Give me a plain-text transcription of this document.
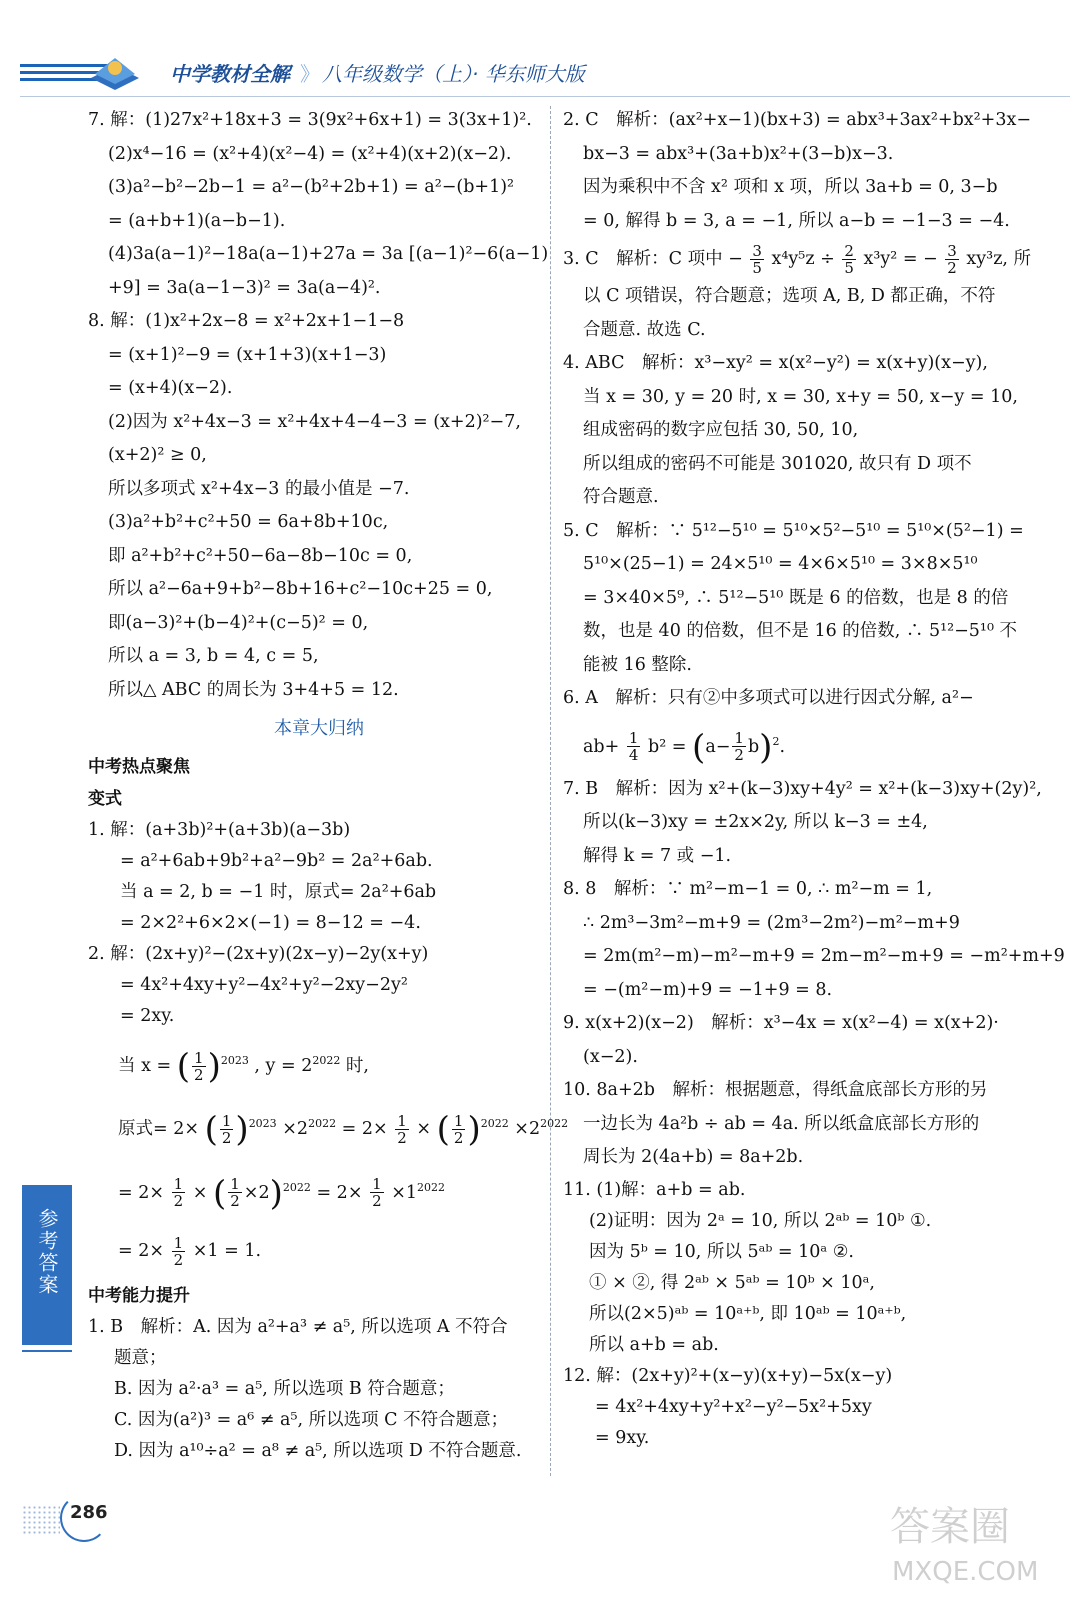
中学教材全解 》 八年级数学（上）· 华东师大版
7. 解：(1)27x²+18x+3 = 3(9x²+6x+1) = 3(3x+1)².
(2)x⁴−16 = (x²+4)(x²−4) = (x²+4)(x+2)(x−2).
(3)a²−b²−2b−1 = a²−(b²+2b+1) = a²−(b+1)²
= (a+b+1)(a−b−1).
(4)3a(a−1)²−18a(a−1)+27a = 3a [(a−1)²−6(a−1)
+9] = 3a(a−1−3)² = 3a(a−4)².
8. 解：(1)x²+2x−8 = x²+2x+1−1−8
= (x+1)²−9 = (x+1+3)(x+1−3)
= (x+4)(x−2).
(2)因为 x²+4x−3 = x²+4x+4−4−3 = (x+2)²−7,
(x+2)² ≥ 0,
所以多项式 x²+4x−3 的最小值是 −7.
(3)a²+b²+c²+50 = 6a+8b+10c,
即 a²+b²+c²+50−6a−8b−10c = 0,
所以 a²−6a+9+b²−8b+16+c²−10c+25 = 0,
即(a−3)²+(b−4)²+(c−5)² = 0,
所以 a = 3, b = 4, c = 5,
所以△ ABC 的周长为 3+4+5 = 12.
本章大归纳
中考热点聚焦
变式
1. 解：(a+3b)²+(a+3b)(a−3b)
= a²+6ab+9b²+a²−9b² = 2a²+6ab.
当 a = 2, b = −1 时，原式= 2a²+6ab
= 2×2²+6×2×(−1) = 8−12 = −4.
2. 解：(2x+y)²−(2x+y)(2x−y)−2y(x+y)
= 4x²+4xy+y²−4x²+y²−2xy−2y²
= 2xy.
当 x = ( $\frac{1}{2} )^{2023}$ , $y = 2^{2022}$ 时,
原式= 2× ( $\frac{1}{2} )^{2023} \times 2^{2022} = 2\times \frac{1}{2}$ × ( $\frac{1}{2} )^{2022} \times 2^{2022}$
= $2\times \frac{1}{2}$ × ( $\frac{1}{2} \times 2)^{2022} = 2\times \frac{1}{2} \times 1^{2022}$
= $2\times \frac{1}{2} \times 1 = 1$.
中考能力提升
1. B　解析：A. 因为 a²+a³ ≠ a⁵, 所以选项 A 不符合
题意；
B. 因为 a²·a³ = a⁵, 所以选项 B 符合题意；
C. 因为(a²)³ = a⁶ ≠ a⁵, 所以选项 C 不符合题意；
D. 因为 a¹⁰÷a² = a⁸ ≠ a⁵, 所以选项 D 不符合题意.
2. C　解析：(ax²+x−1)(bx+3) = abx³+3ax²+bx²+3x−
bx−3 = abx³+(3a+b)x²+(3−b)x−3.
因为乘积中不含 x² 项和 x 项，所以 3a+b = 0, 3−b
= 0, 解得 b = 3, a = −1, 所以 a−b = −1−3 = −4.
3. C　解析：C 项中 − $\frac{3}{5} x^4y^5z \div \frac{2}{5} x^3y^2$ = − $\frac{3}{2} xy^3z$, 所
以 C 项错误，符合题意；选项 A, B, D 都正确，不符
合题意. 故选 C.
4. ABC　解析：x³−xy² = x(x²−y²) = x(x+y)(x−y),
当 x = 30, y = 20 时, x = 30, x+y = 50, x−y = 10,
组成密码的数字应包括 30, 50, 10,
所以组成的密码不可能是 301020, 故只有 D 项不
符合题意.
5. C　解析：∵ 5¹²−5¹⁰ = 5¹⁰×5²−5¹⁰ = 5¹⁰×(5²−1) =
5¹⁰×(25−1) = 24×5¹⁰ = 4×6×5¹⁰ = 3×8×5¹⁰
= 3×40×5⁹, ∴ 5¹²−5¹⁰ 既是 6 的倍数，也是 8 的倍
数，也是 40 的倍数，但不是 16 的倍数, ∴ 5¹²−5¹⁰ 不
能被 16 整除.
6. A　解析：只有②中多项式可以进行因式分解, a²−
$ab+ \frac{1}{4} b^2 = (a- \frac{1}{2} b)^2$.
7. B　解析：因为 x²+(k−3)xy+4y² = x²+(k−3)xy+(2y)²,
所以(k−3)xy = ±2x×2y, 所以 k−3 = ±4,
解得 k = 7 或 −1.
8. 8　解析：∵ m²−m−1 = 0, ∴ m²−m = 1,
∴ 2m³−3m²−m+9 = (2m³−2m²)−m²−m+9
= 2m(m²−m)−m²−m+9 = 2m−m²−m+9 = −m²+m+9
= −(m²−m)+9 = −1+9 = 8.
9. x(x+2)(x−2)　解析：x³−4x = x(x²−4) = x(x+2)·
(x−2).
10. 8a+2b　解析：根据题意，得纸盒底部长方形的另
一边长为 4a²b ÷ ab = 4a. 所以纸盒底部长方形的
周长为 2(4a+b) = 8a+2b.
11. (1)解：a+b = ab.
(2)证明：因为 2ᵃ = 10, 所以 2ᵃᵇ = 10ᵇ ①.
因为 5ᵇ = 10, 所以 5ᵃᵇ = 10ᵃ ②.
① × ②, 得 2ᵃᵇ × 5ᵃᵇ = 10ᵇ × 10ᵃ,
所以(2×5)ᵃᵇ = 10ᵃ⁺ᵇ, 即 10ᵃᵇ = 10ᵃ⁺ᵇ,
所以 a+b = ab.
12. 解：(2x+y)²+(x−y)(x+y)−5x(x−y)
= 4x²+4xy+y²+x²−y²−5x²+5xy
= 9xy.
参考答案
286	答案圈
MXQE.COM
